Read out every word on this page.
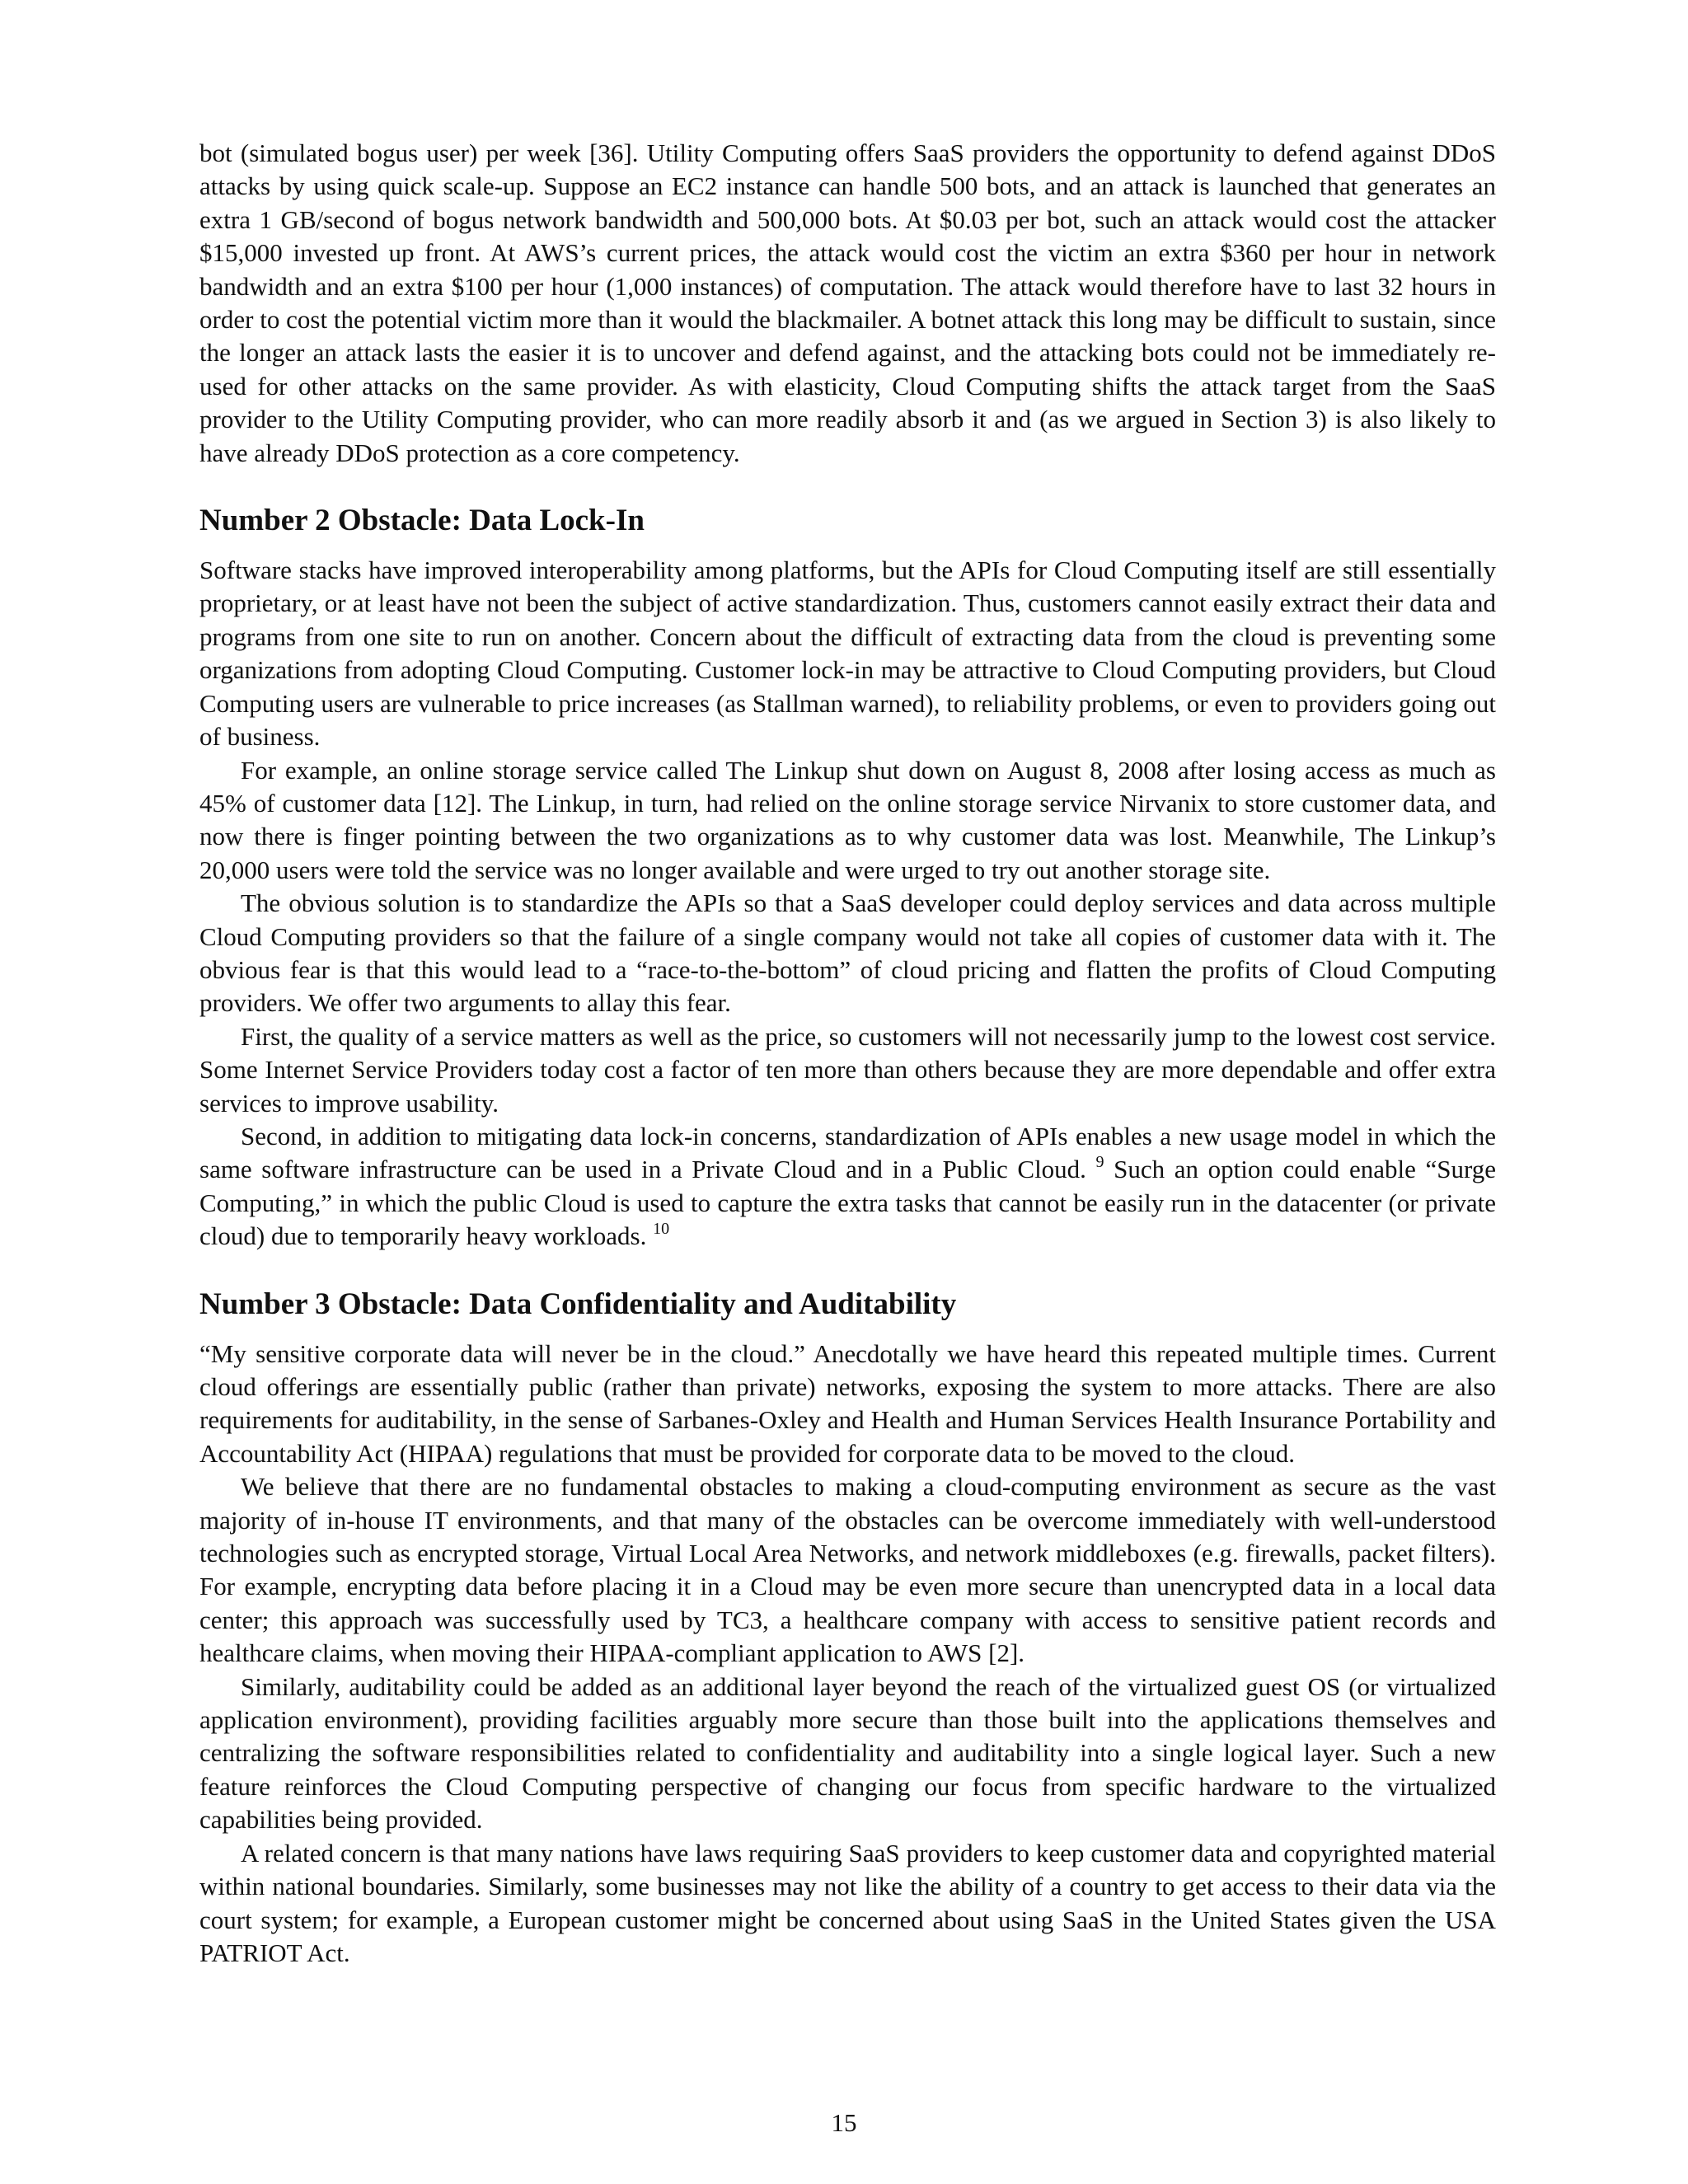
bot (simulated bogus user) per week [36]. Utility Computing offers SaaS providers the opportunity to defend against DDoS attacks by using quick scale-up. Suppose an EC2 instance can handle 500 bots, and an attack is launched that generates an extra 1 GB/second of bogus network bandwidth and 500,000 bots. At $0.03 per bot, such an attack would cost the attacker $15,000 invested up front. At AWS’s current prices, the attack would cost the victim an extra $360 per hour in network bandwidth and an extra $100 per hour (1,000 instances) of computation. The attack would therefore have to last 32 hours in order to cost the potential victim more than it would the blackmailer. A botnet attack this long may be difficult to sustain, since the longer an attack lasts the easier it is to uncover and defend against, and the attacking bots could not be immediately re-used for other attacks on the same provider. As with elasticity, Cloud Computing shifts the attack target from the SaaS provider to the Utility Computing provider, who can more readily absorb it and (as we argued in Section 3) is also likely to have already DDoS protection as a core competency.

Number 2 Obstacle: Data Lock-In

Software stacks have improved interoperability among platforms, but the APIs for Cloud Computing itself are still essentially proprietary, or at least have not been the subject of active standardization. Thus, customers cannot easily extract their data and programs from one site to run on another. Concern about the difficult of extracting data from the cloud is preventing some organizations from adopting Cloud Computing. Customer lock-in may be attractive to Cloud Computing providers, but Cloud Computing users are vulnerable to price increases (as Stallman warned), to reliability problems, or even to providers going out of business.

For example, an online storage service called The Linkup shut down on August 8, 2008 after losing access as much as 45% of customer data [12]. The Linkup, in turn, had relied on the online storage service Nirvanix to store customer data, and now there is finger pointing between the two organizations as to why customer data was lost. Meanwhile, The Linkup’s 20,000 users were told the service was no longer available and were urged to try out another storage site.

The obvious solution is to standardize the APIs so that a SaaS developer could deploy services and data across multiple Cloud Computing providers so that the failure of a single company would not take all copies of customer data with it. The obvious fear is that this would lead to a “race-to-the-bottom” of cloud pricing and flatten the profits of Cloud Computing providers. We offer two arguments to allay this fear.

First, the quality of a service matters as well as the price, so customers will not necessarily jump to the lowest cost service. Some Internet Service Providers today cost a factor of ten more than others because they are more dependable and offer extra services to improve usability.

Second, in addition to mitigating data lock-in concerns, standardization of APIs enables a new usage model in which the same software infrastructure can be used in a Private Cloud and in a Public Cloud. $^9$ Such an option could enable “Surge Computing,” in which the public Cloud is used to capture the extra tasks that cannot be easily run in the datacenter (or private cloud) due to temporarily heavy workloads. $^{10}$

Number 3 Obstacle: Data Confidentiality and Auditability

“My sensitive corporate data will never be in the cloud.” Anecdotally we have heard this repeated multiple times. Current cloud offerings are essentially public (rather than private) networks, exposing the system to more attacks. There are also requirements for auditability, in the sense of Sarbanes-Oxley and Health and Human Services Health Insurance Portability and Accountability Act (HIPAA) regulations that must be provided for corporate data to be moved to the cloud.

We believe that there are no fundamental obstacles to making a cloud-computing environment as secure as the vast majority of in-house IT environments, and that many of the obstacles can be overcome immediately with well-understood technologies such as encrypted storage, Virtual Local Area Networks, and network middleboxes (e.g. firewalls, packet filters). For example, encrypting data before placing it in a Cloud may be even more secure than unencrypted data in a local data center; this approach was successfully used by TC3, a healthcare company with access to sensitive patient records and healthcare claims, when moving their HIPAA-compliant application to AWS [2].

Similarly, auditability could be added as an additional layer beyond the reach of the virtualized guest OS (or virtualized application environment), providing facilities arguably more secure than those built into the applications themselves and centralizing the software responsibilities related to confidentiality and auditability into a single logical layer. Such a new feature reinforces the Cloud Computing perspective of changing our focus from specific hardware to the virtualized capabilities being provided.

A related concern is that many nations have laws requiring SaaS providers to keep customer data and copyrighted material within national boundaries. Similarly, some businesses may not like the ability of a country to get access to their data via the court system; for example, a European customer might be concerned about using SaaS in the United States given the USA PATRIOT Act.

15
